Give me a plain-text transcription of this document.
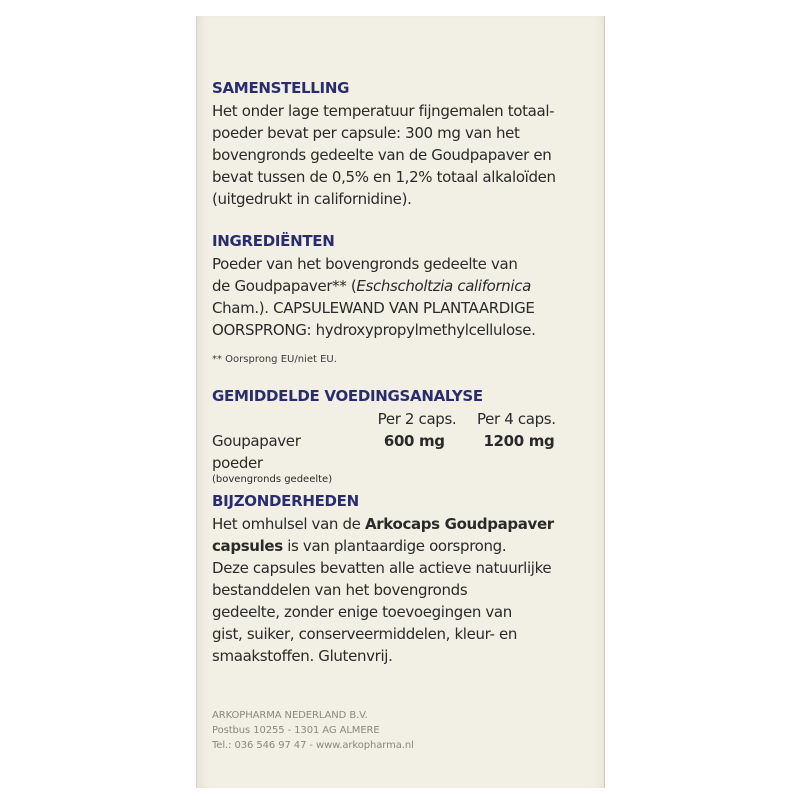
SAMENSTELLING
Het onder lage temperatuur fijngemalen totaal-
poeder bevat per capsule: 300 mg van het
bovengronds gedeelte van de Goudpapaver en
bevat tussen de 0,5% en 1,2% totaal alkaloïden
(uitgedrukt in californidine).
INGREDIËNTEN
Poeder van het bovengronds gedeelte van
de Goudpapaver** (Eschscholtzia californica
Cham.). CAPSULEWAND VAN PLANTAARDIGE
OORSPRONG: hydroxypropylmethylcellulose.
** Oorsprong EU/niet EU.
GEMIDDELDE VOEDINGSANALYSE
Per 2 caps.	Per 4 caps.
Goupapaver poeder
600 mg	1200 mg
(bovengronds gedeelte)
BIJZONDERHEDEN
Het omhulsel van de Arkocaps Goudpapaver
capsules is van plantaardige oorsprong.
Deze capsules bevatten alle actieve natuurlijke
bestanddelen van het bovengronds
gedeelte, zonder enige toevoegingen van
gist, suiker, conserveermiddelen, kleur- en
smaakstoffen. Glutenvrij.
ARKOPHARMA NEDERLAND B.V.
Postbus 10255 - 1301 AG ALMERE
Tel.: 036 546 97 47 - www.arkopharma.nl
